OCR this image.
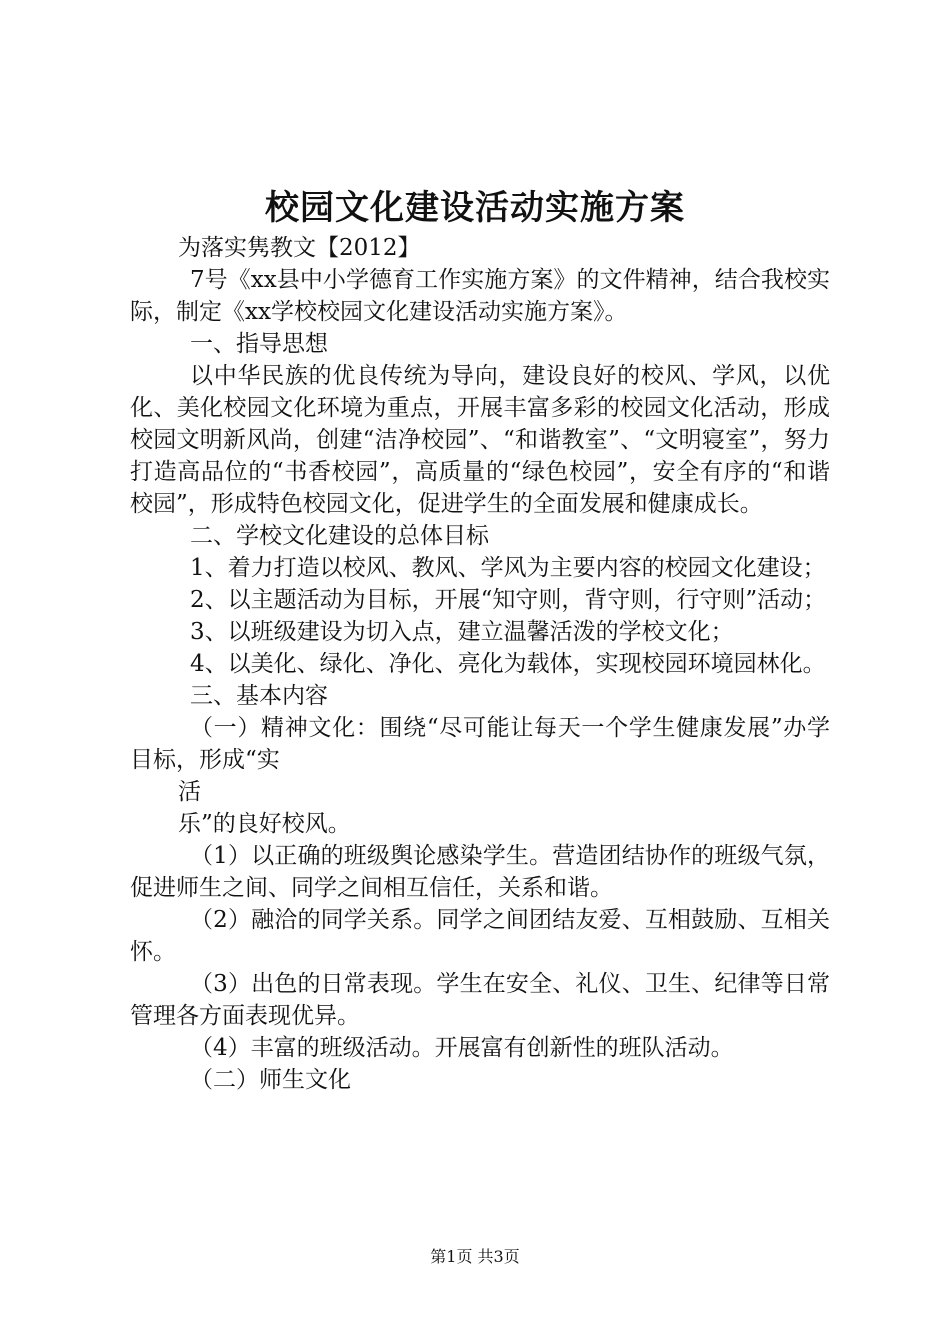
校园文化建设活动实施方案

为落实隽教文【2012】

7号《xx县中小学德育工作实施方案》的文件精神，结合我校实际，制定《xx学校校园文化建设活动实施方案》。

一、指导思想

以中华民族的优良传统为导向，建设良好的校风、学风，以优化、美化校园文化环境为重点，开展丰富多彩的校园文化活动，形成校园文明新风尚，创建“洁净校园”、“和谐教室”、“文明寝室”，努力打造高品位的“书香校园”，高质量的“绿色校园”，安全有序的“和谐校园”，形成特色校园文化，促进学生的全面发展和健康成长。

二、学校文化建设的总体目标

1、着力打造以校风、教风、学风为主要内容的校园文化建设；

2、以主题活动为目标，开展“知守则，背守则，行守则”活动；

3、以班级建设为切入点，建立温馨活泼的学校文化；

4、以美化、绿化、净化、亮化为载体，实现校园环境园林化。

三、基本内容

（一）精神文化：围绕“尽可能让每天一个学生健康发展”办学目标，形成“实

活

乐”的良好校风。

（1）以正确的班级舆论感染学生。营造团结协作的班级气氛，促进师生之间、同学之间相互信任，关系和谐。

（2）融洽的同学关系。同学之间团结友爱、互相鼓励、互相关怀。

（3）出色的日常表现。学生在安全、礼仪、卫生、纪律等日常管理各方面表现优异。

（4）丰富的班级活动。开展富有创新性的班队活动。

（二）师生文化

第1页 共3页
